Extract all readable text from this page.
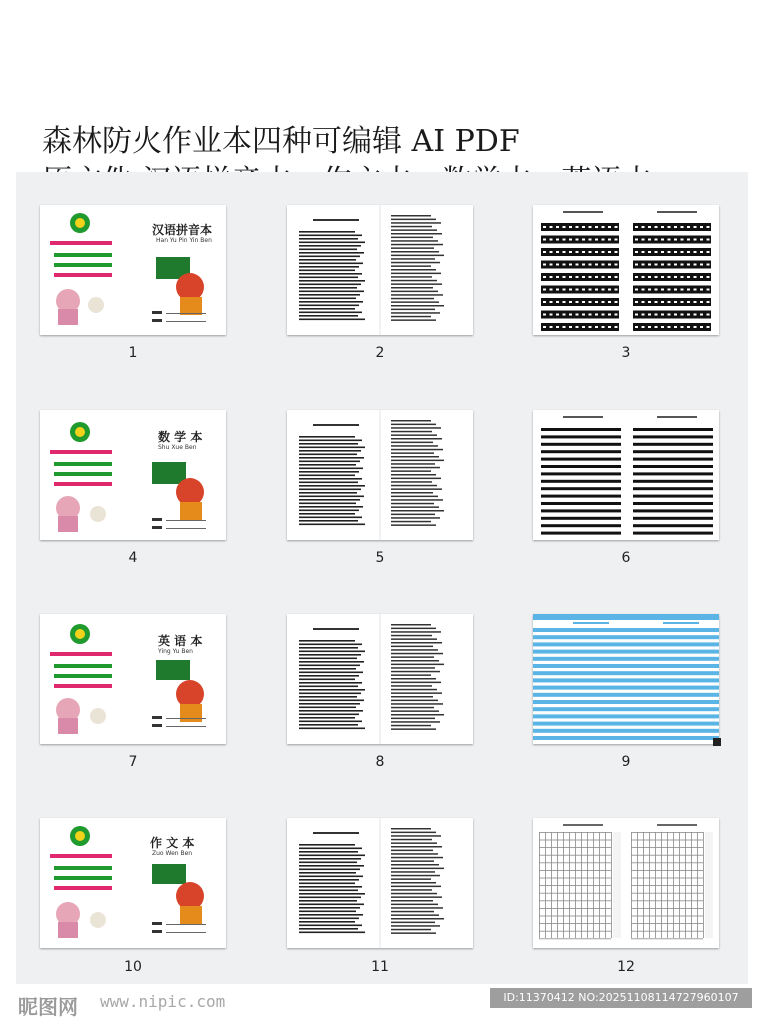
森林防火作业本四种可编辑 AI PDF
汉语拼音本
Han Yu Pin Yin Ben
1	2	3
数 学 本
Shu Xue Ben
4	5	6
英 语 本
Ying Yu Ben
7	8	9
作 文 本
Zuo Wen Ben
10	11	12
昵图网 www.nipic.com	ID:11370412 NO:20251108114727960107
